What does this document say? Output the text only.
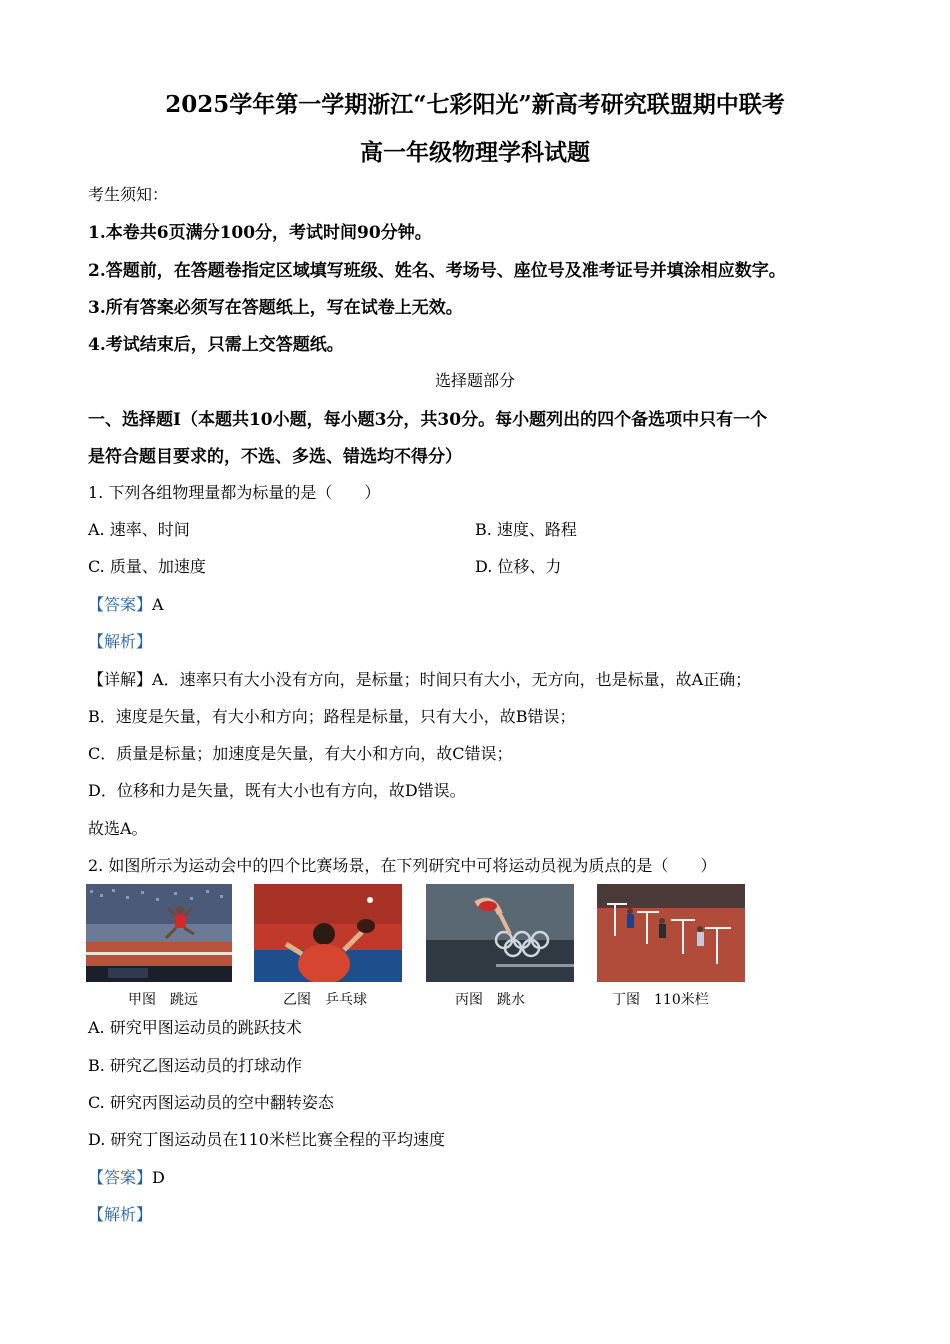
2025学年第一学期浙江“七彩阳光”新高考研究联盟期中联考
高一年级物理学科试题
考生须知：
1.本卷共6页满分100分，考试时间90分钟。
2.答题前，在答题卷指定区域填写班级、姓名、考场号、座位号及准考证号并填涂相应数字。
3.所有答案必须写在答题纸上，写在试卷上无效。
4.考试结束后，只需上交答题纸。
选择题部分
一、选择题Ⅰ（本题共10小题，每小题3分，共30分。每小题列出的四个备选项中只有一个
是符合题目要求的，不选、多选、错选均不得分）
1. 下列各组物理量都为标量的是（　　）
A. 速率、时间	B. 速度、路程
C. 质量、加速度	D. 位移、力
【答案】A
【解析】
【详解】A．速率只有大小没有方向，是标量；时间只有大小，无方向，也是标量，故A正确；
B．速度是矢量，有大小和方向；路程是标量，只有大小，故B错误；
C．质量是标量；加速度是矢量，有大小和方向，故C错误；
D．位移和力是矢量，既有大小也有方向，故D错误。
故选A。
2. 如图所示为运动会中的四个比赛场景，在下列研究中可将运动员视为质点的是（　　）
甲图 跳远	乙图 乒乓球	丙图 跳水	丁图 110米栏
A. 研究甲图运动员的跳跃技术
B. 研究乙图运动员的打球动作
C. 研究丙图运动员的空中翻转姿态
D. 研究丁图运动员在110米栏比赛全程的平均速度
【答案】D
【解析】
